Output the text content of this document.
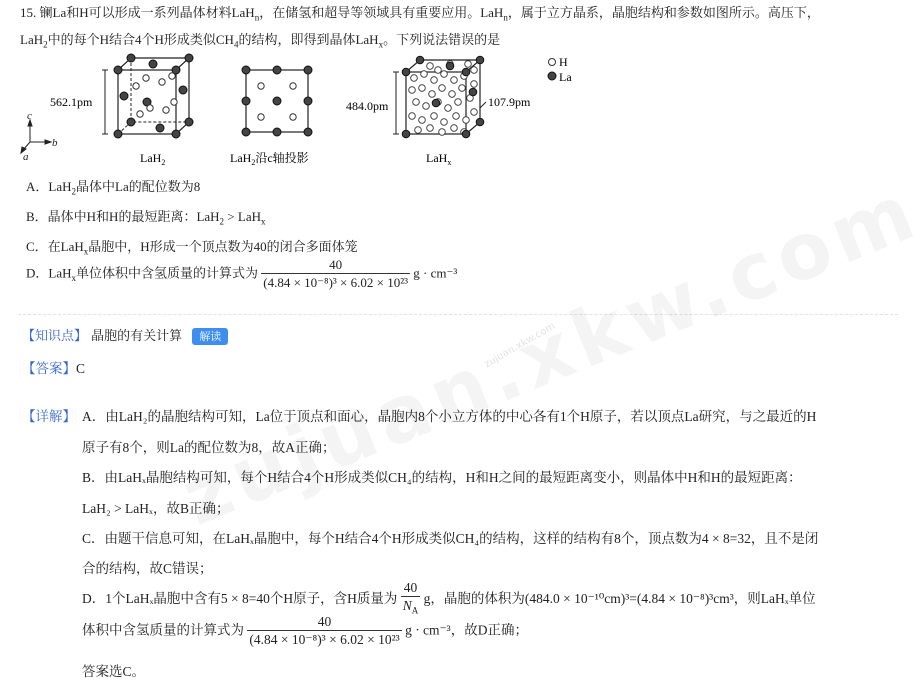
15. 镧La和H可以形成一系列晶体材料LaH$_n$，在储氢和超导等领域具有重要应用。LaH$_n$，属于立方晶系，晶胞结构和参数如图所示。高压下，
LaH$_2$中的每个H结合4个H形成类似$CH_4$的结构，即得到晶体LaH$_x$。下列说法错误的是
562.1pm
LaH$_2$
c
b
a	LaH$_2$沿c轴投影
484.0pm	107.9pm
LaH$_x$
H
La
A．LaH$_2$晶体中La的配位数为8
B．晶体中H和H的最短距离：LaH$_2$ > LaH$_x$
C．在LaH$_x$晶胞中，H形成一个顶点数为40的闭合多面体笼
D．LaH$_x$单位体积中含氢质量的计算式为 $\frac{40}{\text{(4.84 × 10⁻⁸)³ × 6.02 × 10²³}}$ g · cm⁻³
【知识点】 晶胞的有关计算 解读
【答案】C	zujuan.xkw.com
【详解】 A．由LaH₂的晶胞结构可知，La位于顶点和面心，晶胞内8个小立方体的中心各有1个H原子，若以顶点La研究，与之最近的H
原子有8个，则La的配位数为8，故A正确；
B．由LaHₓ晶胞结构可知，每个H结合4个H形成类似CH₄的结构，H和H之间的最短距离变小，则晶体中H和H的最短距离：
LaH₂ > LaHₓ，故B正确；
C．由题干信息可知，在LaHₓ晶胞中，每个H结合4个H形成类似CH₄的结构，这样的结构有8个，顶点数为4 × 8=32，且不是闭
合的结构，故C错误；
D．1个LaHₓ晶胞中含有5 × 8=40个H原子，含H质量为 $\frac{40}{N_A}$ g，晶胞的体积为(484.0 × 10⁻¹⁰cm)³=(4.84 × 10⁻⁸)³cm³，则LaHₓ单位
体积中含氢质量的计算式为 $\frac{40}{\text{(4.84 × 10⁻⁸)³ × 6.02 × 10²³}}$ g · cm⁻³，故D正确；
答案选C。
